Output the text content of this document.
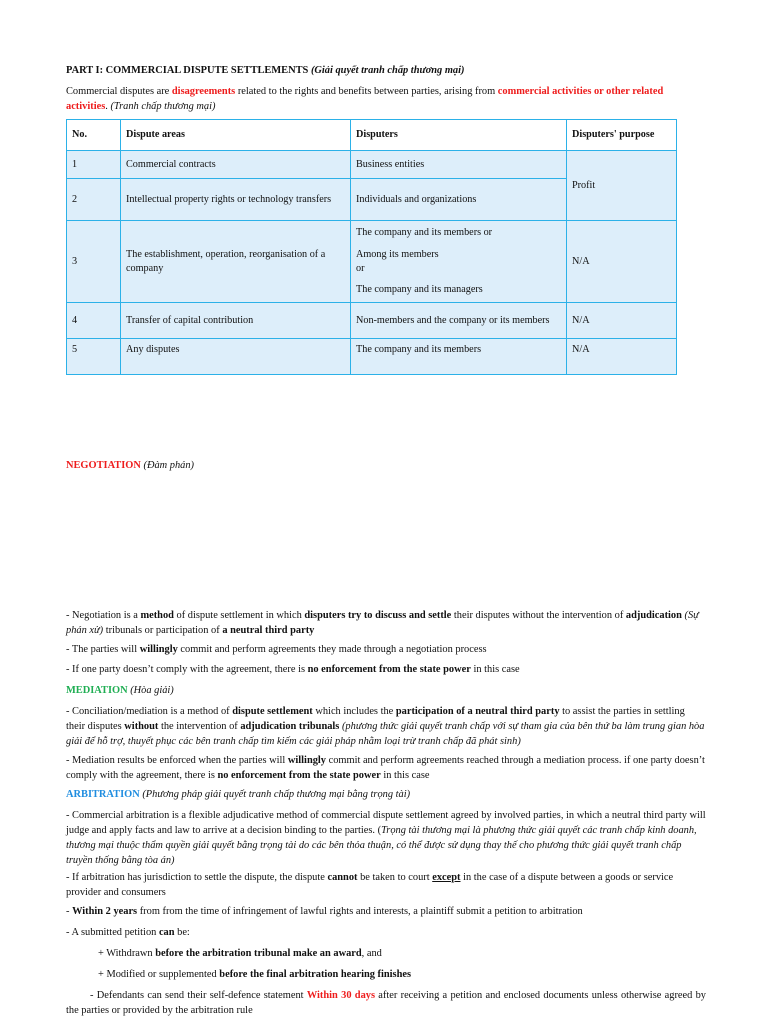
PART I: COMMERCIAL DISPUTE SETTLEMENTS (Giải quyết tranh chấp thương mại)
Commercial disputes are disagreements related to the rights and benefits between parties, arising from commercial activities or other related activities. (Tranh chấp thương mại)
No.	Dispute areas	Disputers	Disputers' purpose
1	Commercial contracts	Business entities	Profit
2	Intellectual property rights or technology transfers	Individuals and organizations	
3	The establishment, operation, reorganisation of a company	The company and its members or
Among its members
or
The company and its managers	N/A
4	Transfer of capital contribution	Non-members and the company or its members	N/A
5	Any disputes	The company and its members	N/A
NEGOTIATION (Đàm phán)
- Negotiation is a method of dispute settlement in which disputers try to discuss and settle their disputes without the intervention of adjudication (Sự phán xử) tribunals or participation of a neutral third party
- The parties will willingly commit and perform agreements they made through a negotiation process
- If one party doesn’t comply with the agreement, there is no enforcement from the state power in this case
MEDIATION (Hòa giải)
- Conciliation/mediation is a method of dispute settlement which includes the participation of a neutral third party to assist the parties in settling their disputes without the intervention of adjudication tribunals (phương thức giải quyết tranh chấp với sự tham gia của bên thứ ba làm trung gian hòa giải để hỗ trợ, thuyết phục các bên tranh chấp tìm kiếm các giải pháp nhằm loại trừ tranh chấp đã phát sinh)
- Mediation results be enforced when the parties will willingly commit and perform agreements reached through a mediation process. if one party doesn’t comply with the agreement, there is no enforcement from the state power in this case
ARBITRATION (Phương pháp giải quyết tranh chấp thương mại bằng trọng tài)
- Commercial arbitration is a flexible adjudicative method of commercial dispute settlement agreed by involved parties, in which a neutral third party will judge and apply facts and law to arrive at a decision binding to the parties. (Trọng tài thương mại là phương thức giải quyết các tranh chấp kinh doanh, thương mại thuộc thẩm quyền giải quyết bằng trọng tài do các bên thỏa thuận, có thể được sử dụng thay thế cho phương thức giải quyết tranh chấp truyền thống bằng tòa án)
- If arbitration has jurisdiction to settle the dispute, the dispute cannot be taken to court except in the case of a dispute between a goods or service provider and consumers
- Within 2 years from from the time of infringement of lawful rights and interests, a plaintiff submit a petition to arbitration
- A submitted petition can be:
+ Withdrawn before the arbitration tribunal make an award, and
+ Modified or supplemented before the final arbitration hearing finishes
- Defendants can send their self-defence statement Within 30 days after receiving a petition and enclosed documents unless otherwise agreed by the parties or provided by the arbitration rule
